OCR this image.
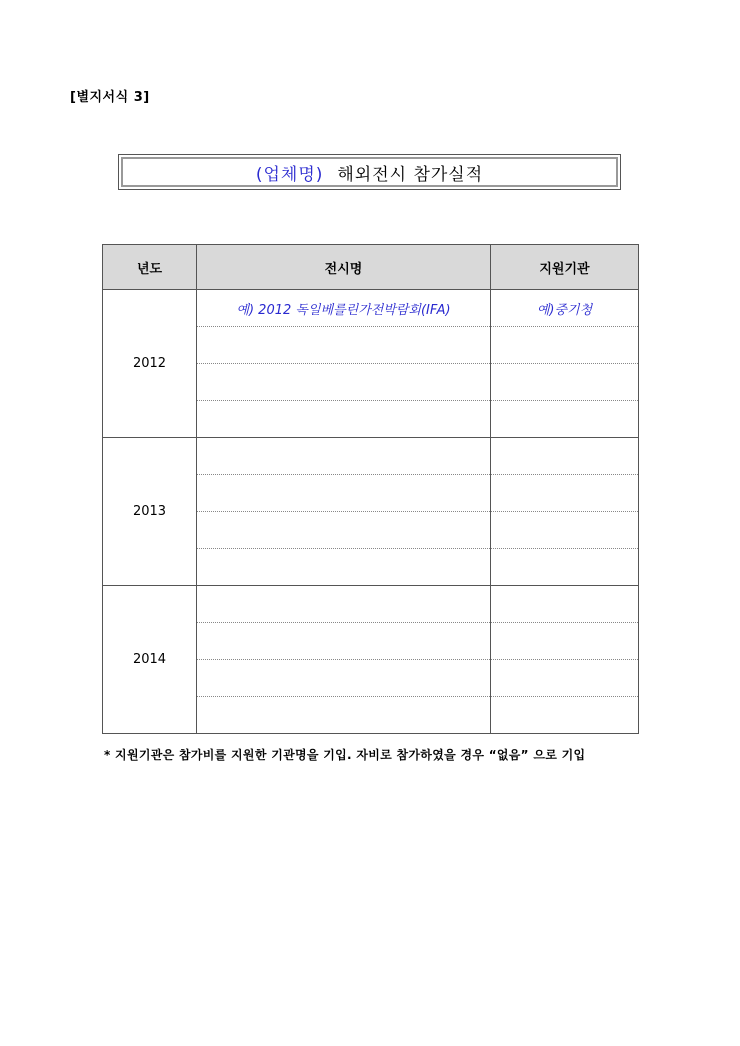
[별지서식 3]
(업체명) 해외전시 참가실적
년도	전시명	지원기관
2012	예) 2012 독일베를린가전박람회(IFA)	예)중기청

2013		

2014		

* 지원기관은 참가비를 지원한 기관명을 기입. 자비로 참가하였을 경우 “없음” 으로 기입
